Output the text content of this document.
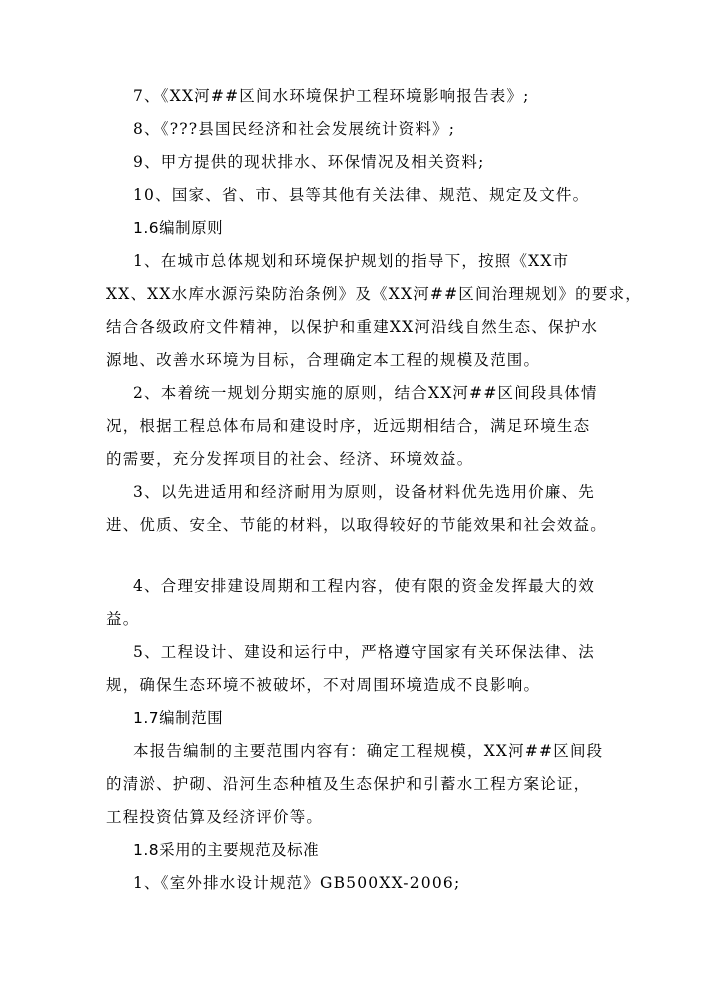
7、《XX河##区间水环境保护工程环境影响报告表》;
8、《???县国民经济和社会发展统计资料》;
9、甲方提供的现状排水、环保情况及相关资料;
10、国家、省、市、县等其他有关法律、规范、规定及文件。
1.6编制原则
1、在城市总体规划和环境保护规划的指导下，按照《XX市
XX、XX水库水源污染防治条例》及《XX河##区间治理规划》的要求，
结合各级政府文件精神，以保护和重建XX河沿线自然生态、保护水
源地、改善水环境为目标，合理确定本工程的规模及范围。
2、本着统一规划分期实施的原则，结合XX河##区间段具体情
况，根据工程总体布局和建设时序，近远期相结合，满足环境生态
的需要，充分发挥项目的社会、经济、环境效益。
3、以先进适用和经济耐用为原则，设备材料优先选用价廉、先
进、优质、安全、节能的材料，以取得较好的节能效果和社会效益。
4、合理安排建设周期和工程内容，使有限的资金发挥最大的效
益。
5、工程设计、建设和运行中，严格遵守国家有关环保法律、法
规，确保生态环境不被破坏，不对周围环境造成不良影响。
1.7编制范围
本报告编制的主要范围内容有：确定工程规模，XX河##区间段
的清淤、护砌、沿河生态种植及生态保护和引蓄水工程方案论证，
工程投资估算及经济评价等。
1.8采用的主要规范及标准
1、《室外排水设计规范》GB500XX-2006;
